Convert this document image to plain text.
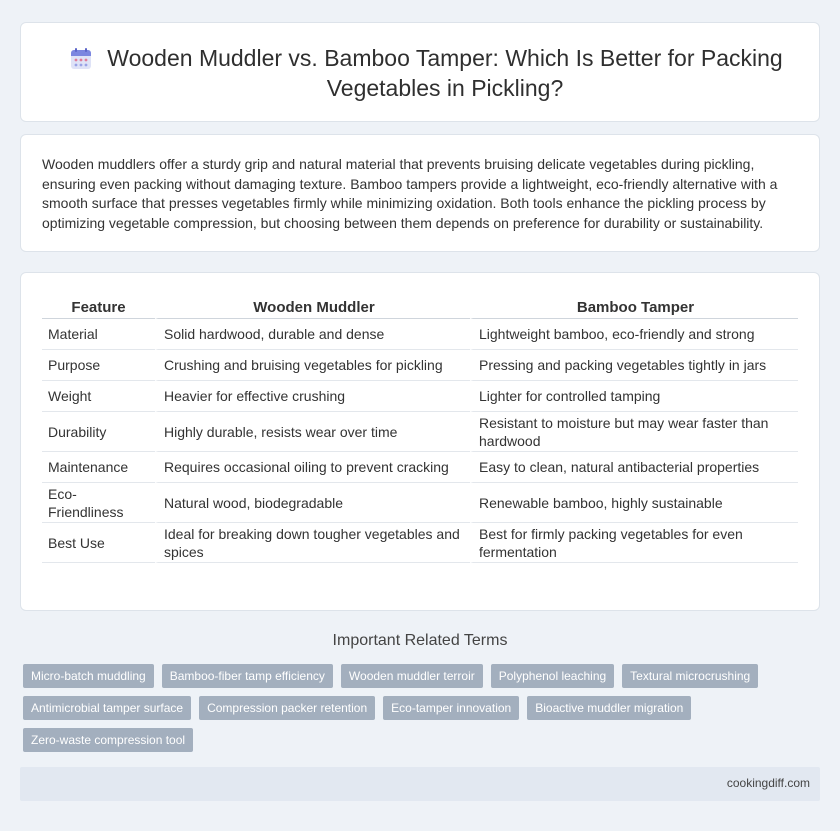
Wooden Muddler vs. Bamboo Tamper: Which Is Better for Packing Vegetables in Pickling?

Wooden muddlers offer a sturdy grip and natural material that prevents bruising delicate vegetables during pickling, ensuring even packing without damaging texture. Bamboo tampers provide a lightweight, eco-friendly alternative with a smooth surface that presses vegetables firmly while minimizing oxidation. Both tools enhance the pickling process by optimizing vegetable compression, but choosing between them depends on preference for durability or sustainability.

Feature	Wooden Muddler	Bamboo Tamper
Material	Solid hardwood, durable and dense	Lightweight bamboo, eco-friendly and strong
Purpose	Crushing and bruising vegetables for pickling	Pressing and packing vegetables tightly in jars
Weight	Heavier for effective crushing	Lighter for controlled tamping
Durability	Highly durable, resists wear over time	Resistant to moisture but may wear faster than hardwood
Maintenance	Requires occasional oiling to prevent cracking	Easy to clean, natural antibacterial properties
Eco-Friendliness	Natural wood, biodegradable	Renewable bamboo, highly sustainable
Best Use	Ideal for breaking down tougher vegetables and spices	Best for firmly packing vegetables for even fermentation
Important Related Terms
Micro-batch muddling	Bamboo-fiber tamp efficiency	Wooden muddler terroir	Polyphenol leaching	Textural microcrushing
Antimicrobial tamper surface	Compression packer retention	Eco-tamper innovation	Bioactive muddler migration
Zero-waste compression tool
cookingdiff.com
